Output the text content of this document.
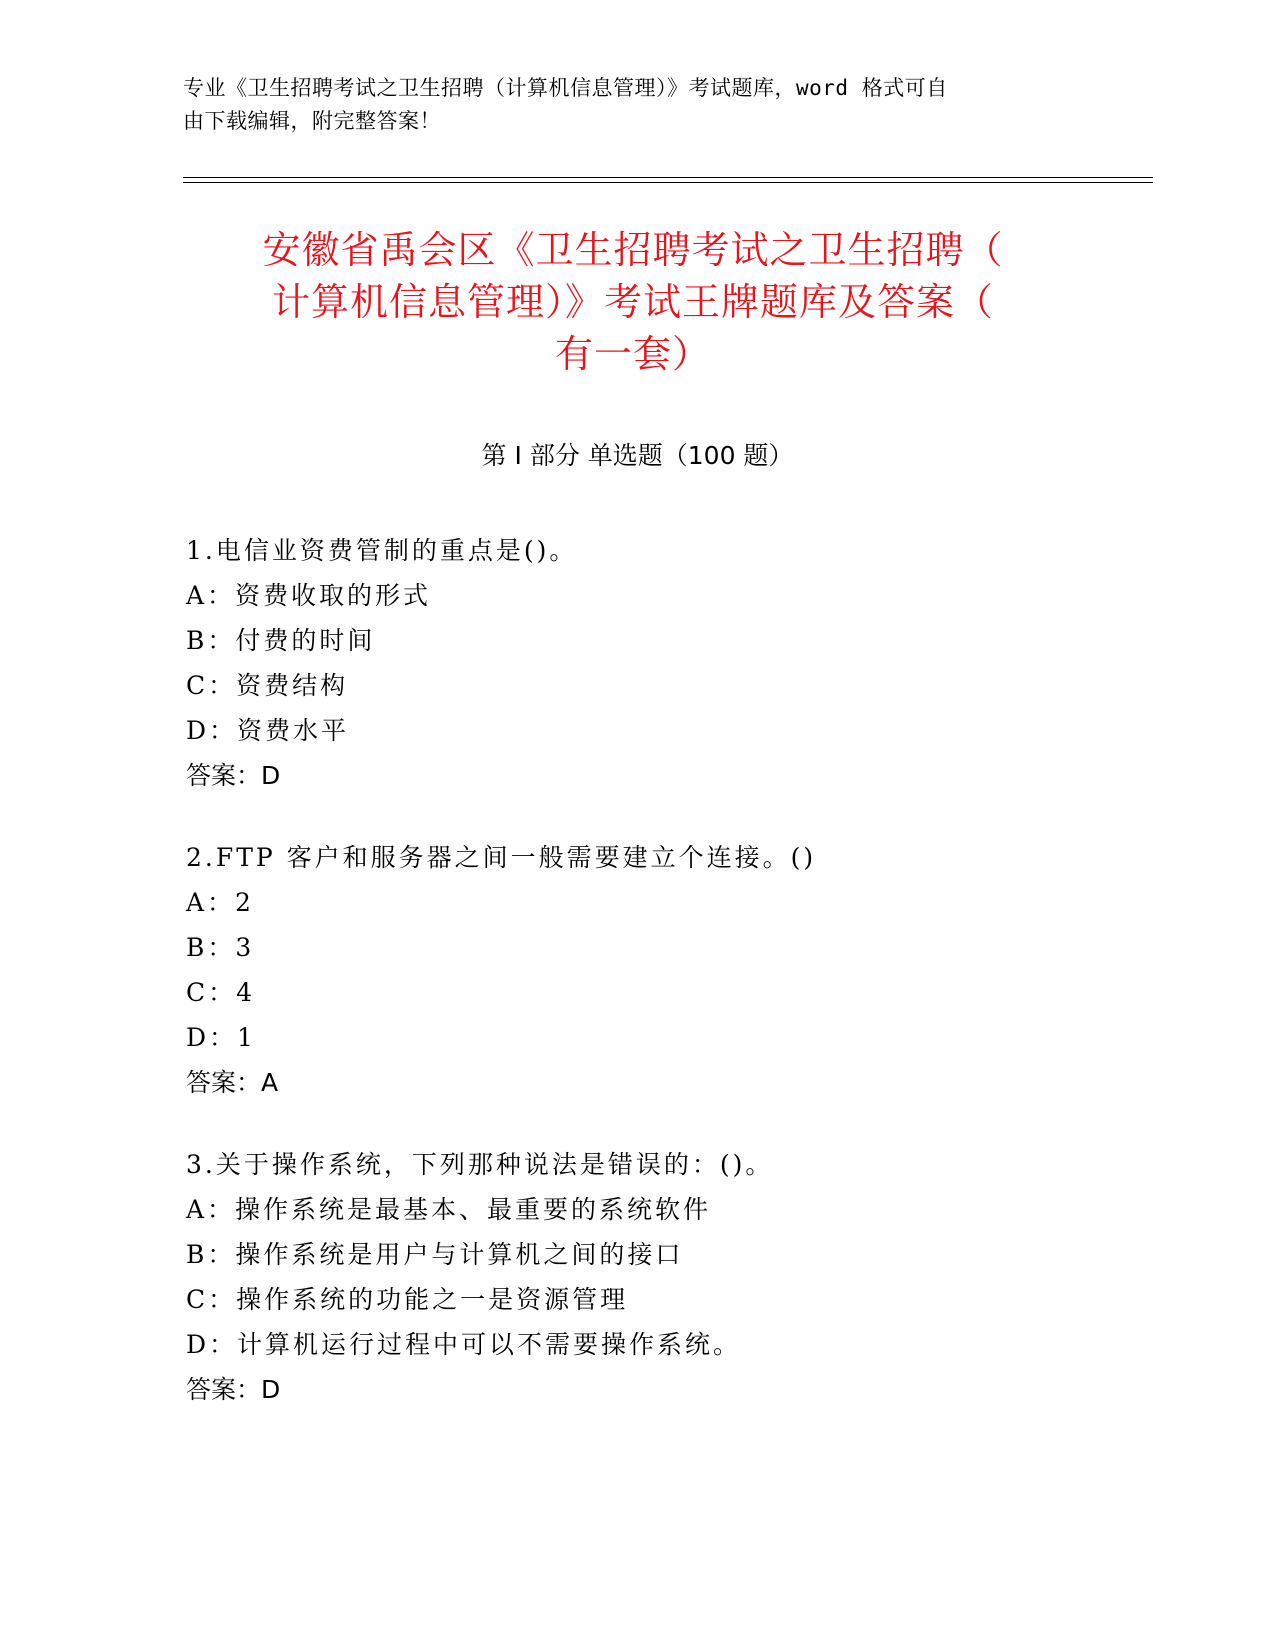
专业《卫生招聘考试之卫生招聘（计算机信息管理）》考试题库，word 格式可自
由下载编辑，附完整答案！
安徽省禹会区《卫生招聘考试之卫生招聘（
计算机信息管理）》考试王牌题库及答案（
有一套）
第 I 部分 单选题（100 题）
1.电信业资费管制的重点是()。
A：资费收取的形式
B：付费的时间
C：资费结构
D：资费水平
答案：D
2.FTP 客户和服务器之间一般需要建立个连接。()
A：2
B：3
C：4
D：1
答案：A
3.关于操作系统，下列那种说法是错误的：()。
A：操作系统是最基本、最重要的系统软件
B：操作系统是用户与计算机之间的接口
C：操作系统的功能之一是资源管理
D：计算机运行过程中可以不需要操作系统。
答案：D
